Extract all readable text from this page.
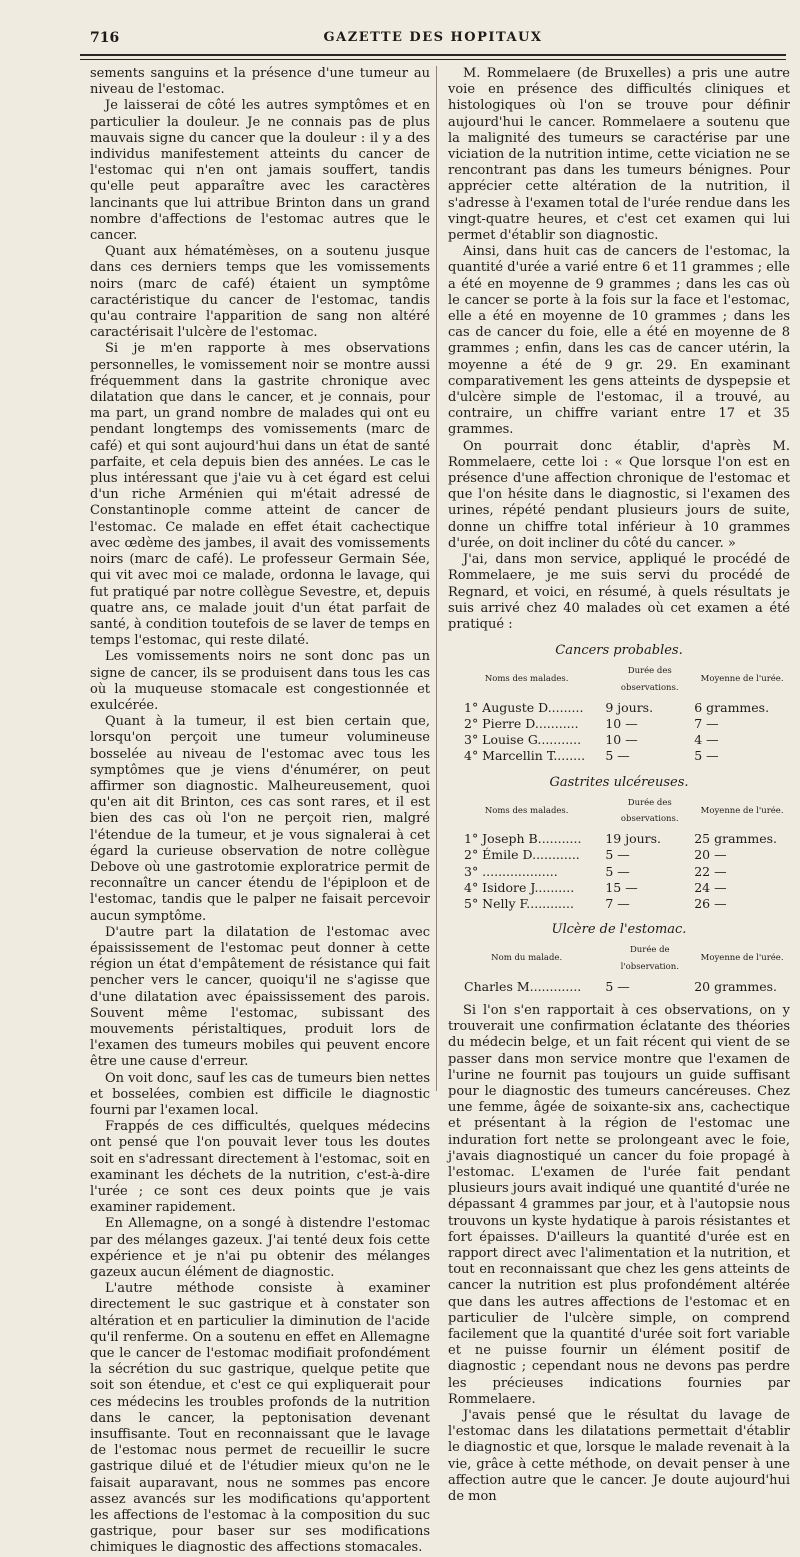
716	GAZETTE DES HOPITAUX

sements sanguins et la présence d'une tumeur au niveau de l'estomac.

Je laisserai de côté les autres symptômes et en particulier la douleur. Je ne connais pas de plus mauvais signe du cancer que la douleur : il y a des individus manifestement atteints du cancer de l'estomac qui n'en ont jamais souffert, tandis qu'elle peut apparaître avec les caractères lancinants que lui attribue Brinton dans un grand nombre d'affections de l'estomac autres que le cancer.

Quant aux hématémèses, on a soutenu jusque dans ces derniers temps que les vomissements noirs (marc de café) étaient un symptôme caractéristique du cancer de l'estomac, tandis qu'au contraire l'apparition de sang non altéré caractérisait l'ulcère de l'estomac.

Si je m'en rapporte à mes observations personnelles, le vomissement noir se montre aussi fréquemment dans la gastrite chronique avec dilatation que dans le cancer, et je connais, pour ma part, un grand nombre de malades qui ont eu pendant longtemps des vomissements (marc de café) et qui sont aujourd'hui dans un état de santé parfaite, et cela depuis bien des années. Le cas le plus intéressant que j'aie vu à cet égard est celui d'un riche Arménien qui m'était adressé de Constantinople comme atteint de cancer de l'estomac. Ce malade en effet était cachectique avec œdème des jambes, il avait des vomissements noirs (marc de café). Le professeur Germain Sée, qui vit avec moi ce malade, ordonna le lavage, qui fut pratiqué par notre collègue Sevestre, et, depuis quatre ans, ce malade jouit d'un état parfait de santé, à condition toutefois de se laver de temps en temps l'estomac, qui reste dilaté.

Les vomissements noirs ne sont donc pas un signe de cancer, ils se produisent dans tous les cas où la muqueuse stomacale est congestionnée et exulcérée.

Quant à la tumeur, il est bien certain que, lorsqu'on perçoit une tumeur volumineuse bosselée au niveau de l'estomac avec tous les symptômes que je viens d'énumérer, on peut affirmer son diagnostic. Malheureusement, quoi qu'en ait dit Brinton, ces cas sont rares, et il est bien des cas où l'on ne perçoit rien, malgré l'étendue de la tumeur, et je vous signalerai à cet égard la curieuse observation de notre collègue Debove où une gastrotomie exploratrice permit de reconnaître un cancer étendu de l'épiploon et de l'estomac, tandis que le palper ne faisait percevoir aucun symptôme.

D'autre part la dilatation de l'estomac avec épaississement de l'estomac peut donner à cette région un état d'empâtement de résistance qui fait pencher vers le cancer, quoiqu'il ne s'agisse que d'une dilatation avec épaississement des parois. Souvent même l'estomac, subissant des mouvements péristaltiques, produit lors de l'examen des tumeurs mobiles qui peuvent encore être une cause d'erreur.

On voit donc, sauf les cas de tumeurs bien nettes et bosselées, combien est difficile le diagnostic fourni par l'examen local.

Frappés de ces difficultés, quelques médecins ont pensé que l'on pouvait lever tous les doutes soit en s'adressant directement à l'estomac, soit en examinant les déchets de la nutrition, c'est-à-dire l'urée ; ce sont ces deux points que je vais examiner rapidement.

En Allemagne, on a songé à distendre l'estomac par des mélanges gazeux. J'ai tenté deux fois cette expérience et je n'ai pu obtenir des mélanges gazeux aucun élément de diagnostic.

L'autre méthode consiste à examiner directement le suc gastrique et à constater son altération et en particulier la diminution de l'acide qu'il renferme. On a soutenu en effet en Allemagne que le cancer de l'estomac modifiait profondément la sécrétion du suc gastrique, quelque petite que soit son étendue, et c'est ce qui expliquerait pour ces médecins les troubles profonds de la nutrition dans le cancer, la peptonisation devenant insuffisante. Tout en reconnaissant que le lavage de l'estomac nous permet de recueillir le sucre gastrique dilué et de l'étudier mieux qu'on ne le faisait auparavant, nous ne sommes pas encore assez avancés sur les modifications qu'apportent les affections de l'estomac à la composition du suc gastrique, pour baser sur ses modifications chimiques le diagnostic des affections stomacales.

M. Rommelaere (de Bruxelles) a pris une autre voie en présence des difficultés cliniques et histologiques où l'on se trouve pour définir aujourd'hui le cancer. Rommelaere a soutenu que la malignité des tumeurs se caractérise par une viciation de la nutrition intime, cette viciation ne se rencontrant pas dans les tumeurs bénignes. Pour apprécier cette altération de la nutrition, il s'adresse à l'examen total de l'urée rendue dans les vingt-quatre heures, et c'est cet examen qui lui permet d'établir son diagnostic.

Ainsi, dans huit cas de cancers de l'estomac, la quantité d'urée a varié entre 6 et 11 grammes ; elle a été en moyenne de 9 grammes ; dans les cas où le cancer se porte à la fois sur la face et l'estomac, elle a été en moyenne de 10 grammes ; dans les cas de cancer du foie, elle a été en moyenne de 8 grammes ; enfin, dans les cas de cancer utérin, la moyenne a été de 9 gr. 29. En examinant comparativement les gens atteints de dyspepsie et d'ulcère simple de l'estomac, il a trouvé, au contraire, un chiffre variant entre 17 et 35 grammes.

On pourrait donc établir, d'après M. Rommelaere, cette loi : « Que lorsque l'on est en présence d'une affection chronique de l'estomac et que l'on hésite dans le diagnostic, si l'examen des urines, répété pendant plusieurs jours de suite, donne un chiffre total inférieur à 10 grammes d'urée, on doit incliner du côté du cancer. »

J'ai, dans mon service, appliqué le procédé de Rommelaere, je me suis servi du procédé de Regnard, et voici, en résumé, à quels résultats je suis arrivé chez 40 malades où cet examen a été pratiqué :

Cancers probables.
Noms des malades.	Durée des observations.	Moyenne de l'urée.
1° Auguste D.........	9 jours.	6 grammes.
2° Pierre D...........	10 —	7 —
3° Louise G...........	10 —	4 —
4° Marcellin T........	5 —	5 —
Gastrites ulcéreuses.
Noms des malades.	Durée des observations.	Moyenne de l'urée.
1° Joseph B...........	19 jours.	25 grammes.
2° Émile D............	5 —	20 —
3° ...................	5 —	22 —
4° Isidore J..........	15 —	24 —
5° Nelly F............	7 —	26 —
Ulcère de l'estomac.
Nom du malade.	Durée de l'observation.	Moyenne de l'urée.
Charles M.............	5 —	20 grammes.

Si l'on s'en rapportait à ces observations, on y trouverait une confirmation éclatante des théories du médecin belge, et un fait récent qui vient de se passer dans mon service montre que l'examen de l'urine ne fournit pas toujours un guide suffisant pour le diagnostic des tumeurs cancéreuses. Chez une femme, âgée de soixante-six ans, cachectique et présentant à la région de l'estomac une induration fort nette se prolongeant avec le foie, j'avais diagnostiqué un cancer du foie propagé à l'estomac. L'examen de l'urée fait pendant plusieurs jours avait indiqué une quantité d'urée ne dépassant 4 grammes par jour, et à l'autopsie nous trouvons un kyste hydatique à parois résistantes et fort épaisses. D'ailleurs la quantité d'urée est en rapport direct avec l'alimentation et la nutrition, et tout en reconnaissant que chez les gens atteints de cancer la nutrition est plus profondément altérée que dans les autres affections de l'estomac et en particulier de l'ulcère simple, on comprend facilement que la quantité d'urée soit fort variable et ne puisse fournir un élément positif de diagnostic ; cependant nous ne devons pas perdre les précieuses indications fournies par Rommelaere.

J'avais pensé que le résultat du lavage de l'estomac dans les dilatations permettait d'établir le diagnostic et que, lorsque le malade revenait à la vie, grâce à cette méthode, on devait penser à une affection autre que le cancer. Je doute aujourd'hui de mon
